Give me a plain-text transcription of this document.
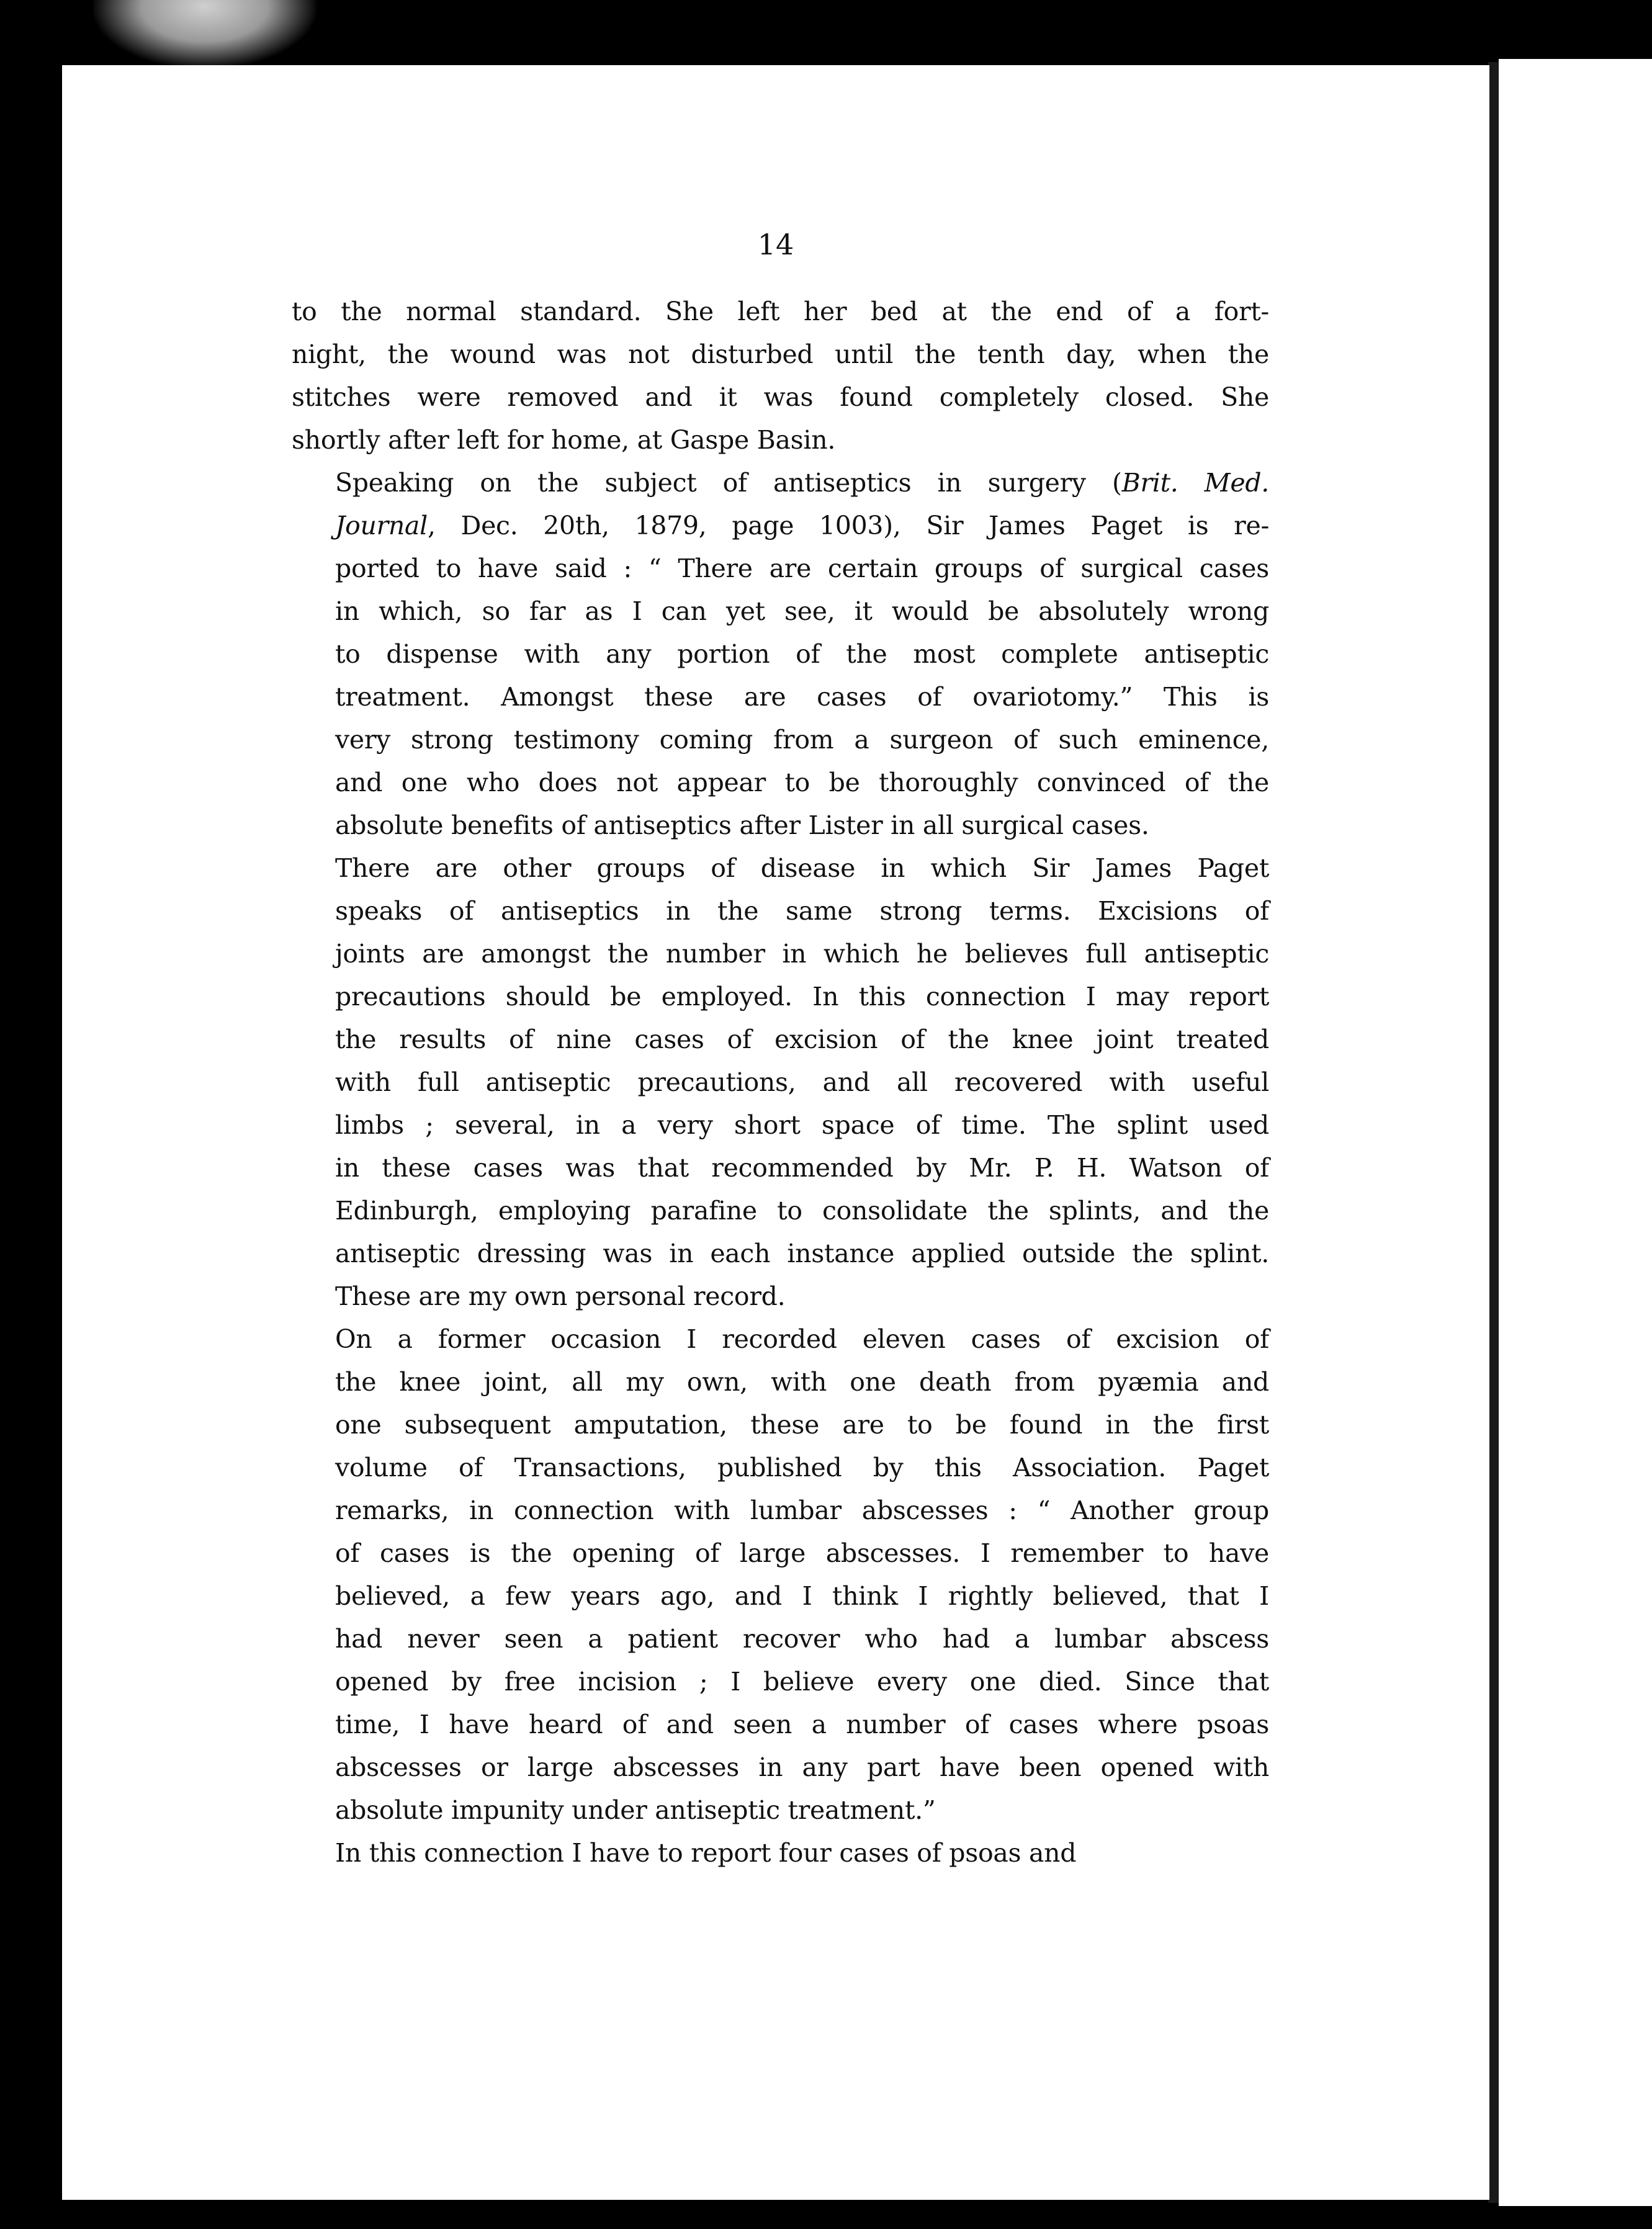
14

to the normal standard. She left her bed at the end of a fort-
night, the wound was not disturbed until the tenth day, when the
stitches were removed and it was found completely closed. She
shortly after left for home, at Gaspe Basin.

Speaking on the subject of antiseptics in surgery (Brit. Med.
Journal, Dec. 20th, 1879, page 1003), Sir James Paget is re-
ported to have said : “ There are certain groups of surgical cases
in which, so far as I can yet see, it would be absolutely wrong
to dispense with any portion of the most complete antiseptic
treatment. Amongst these are cases of ovariotomy.” This is
very strong testimony coming from a surgeon of such eminence,
and one who does not appear to be thoroughly convinced of the
absolute benefits of antiseptics after Lister in all surgical cases.

There are other groups of disease in which Sir James Paget
speaks of antiseptics in the same strong terms. Excisions of
joints are amongst the number in which he believes full antiseptic
precautions should be employed. In this connection I may report
the results of nine cases of excision of the knee joint treated
with full antiseptic precautions, and all recovered with useful
limbs ; several, in a very short space of time. The splint used
in these cases was that recommended by Mr. P. H. Watson of
Edinburgh, employing parafine to consolidate the splints, and the
antiseptic dressing was in each instance applied outside the splint.
These are my own personal record.

On a former occasion I recorded eleven cases of excision of
the knee joint, all my own, with one death from pyæmia and
one subsequent amputation, these are to be found in the first
volume of Transactions, published by this Association. Paget
remarks, in connection with lumbar abscesses : “ Another group
of cases is the opening of large abscesses. I remember to have
believed, a few years ago, and I think I rightly believed, that I
had never seen a patient recover who had a lumbar abscess
opened by free incision ; I believe every one died. Since that
time, I have heard of and seen a number of cases where psoas
abscesses or large abscesses in any part have been opened with
absolute impunity under antiseptic treatment.”

In this connection I have to report four cases of psoas and
